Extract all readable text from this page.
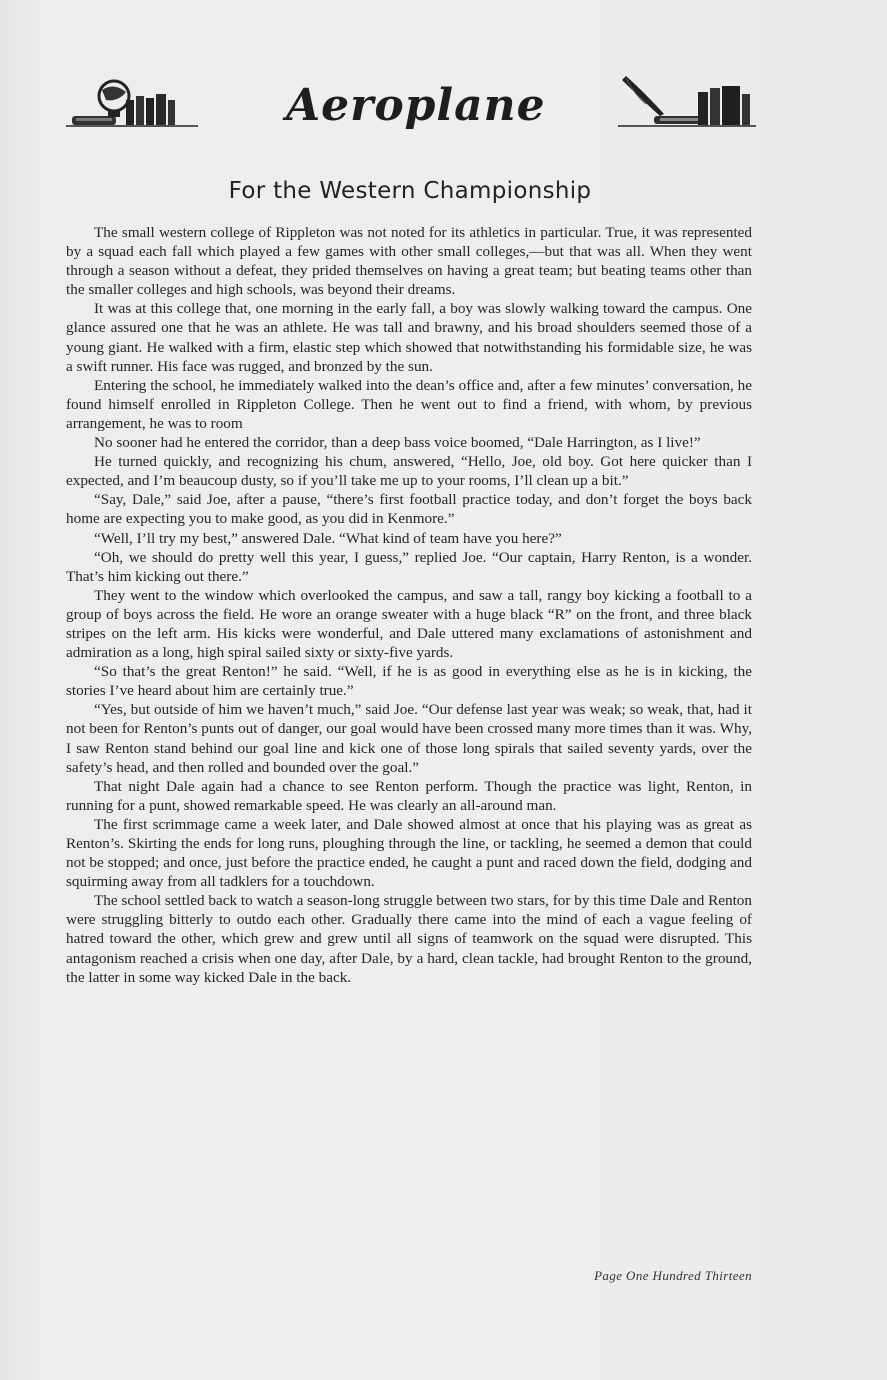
Aeroplane
For the Western Championship

The small western college of Rippleton was not noted for its athletics in particular. True, it was represented by a squad each fall which played a few games with other small colleges,—but that was all. When they went through a season without a defeat, they prided themselves on having a great team; but beating teams other than the smaller colleges and high schools, was beyond their dreams.

It was at this college that, one morning in the early fall, a boy was slowly walking toward the campus. One glance assured one that he was an athlete. He was tall and brawny, and his broad shoulders seemed those of a young giant. He walked with a firm, elastic step which showed that notwithstanding his formidable size, he was a swift runner. His face was rugged, and bronzed by the sun.

Entering the school, he immediately walked into the dean’s office and, after a few minutes’ conversation, he found himself enrolled in Rippleton College. Then he went out to find a friend, with whom, by previous arrangement, he was to room

No sooner had he entered the corridor, than a deep bass voice boomed, “Dale Harrington, as I live!”

He turned quickly, and recognizing his chum, answered, “Hello, Joe, old boy. Got here quicker than I expected, and I’m beaucoup dusty, so if you’ll take me up to your rooms, I’ll clean up a bit.”

“Say, Dale,” said Joe, after a pause, “there’s first football practice today, and don’t forget the boys back home are expecting you to make good, as you did in Kenmore.”

“Well, I’ll try my best,” answered Dale. “What kind of team have you here?”

“Oh, we should do pretty well this year, I guess,” replied Joe. “Our captain, Harry Renton, is a wonder. That’s him kicking out there.”

They went to the window which overlooked the campus, and saw a tall, rangy boy kicking a football to a group of boys across the field. He wore an orange sweater with a huge black “R” on the front, and three black stripes on the left arm. His kicks were wonderful, and Dale uttered many exclamations of astonishment and admiration as a long, high spiral sailed sixty or sixty-five yards.

“So that’s the great Renton!” he said. “Well, if he is as good in everything else as he is in kicking, the stories I’ve heard about him are certainly true.”

“Yes, but outside of him we haven’t much,” said Joe. “Our defense last year was weak; so weak, that, had it not been for Renton’s punts out of danger, our goal would have been crossed many more times than it was. Why, I saw Renton stand behind our goal line and kick one of those long spirals that sailed seventy yards, over the safety’s head, and then rolled and bounded over the goal.”

That night Dale again had a chance to see Renton perform. Though the practice was light, Renton, in running for a punt, showed remarkable speed. He was clearly an all-around man.

The first scrimmage came a week later, and Dale showed almost at once that his playing was as great as Renton’s. Skirting the ends for long runs, ploughing through the line, or tackling, he seemed a demon that could not be stopped; and once, just before the practice ended, he caught a punt and raced down the field, dodging and squirming away from all tadklers for a touchdown.

The school settled back to watch a season-long struggle between two stars, for by this time Dale and Renton were struggling bitterly to outdo each other. Gradually there came into the mind of each a vague feeling of hatred toward the other, which grew and grew until all signs of teamwork on the squad were disrupted. This antagonism reached a crisis when one day, after Dale, by a hard, clean tackle, had brought Renton to the ground, the latter in some way kicked Dale in the back.

Page One Hundred Thirteen
